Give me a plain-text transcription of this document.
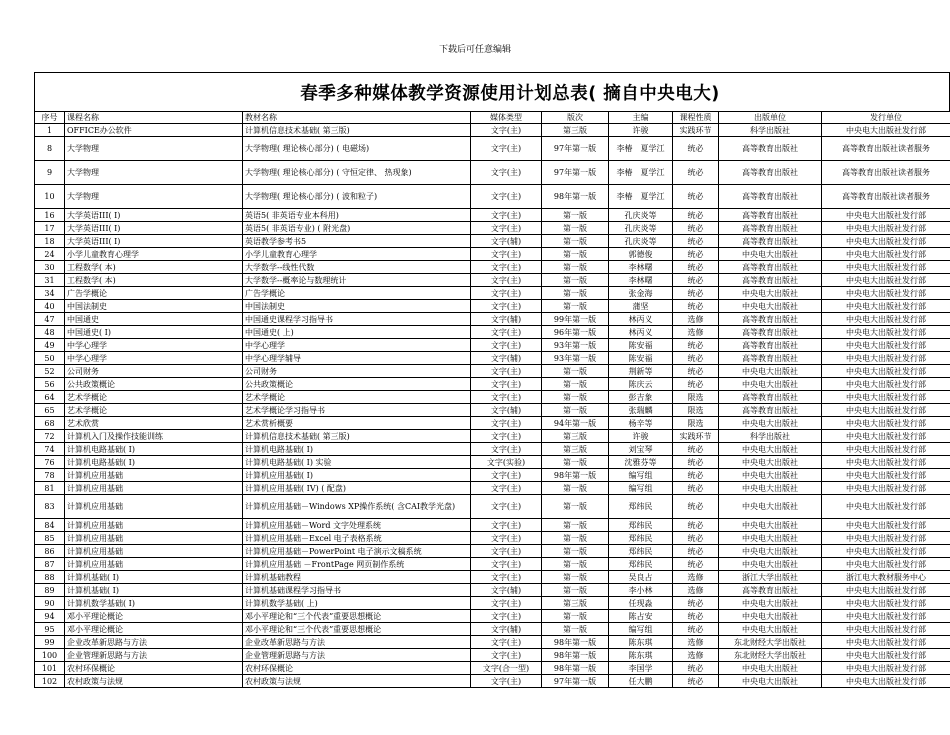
下载后可任意编辑
春季多种媒体教学资源使用计划总表( 摘自中央电大)
序号	课程名称	教材名称	媒体类型	版次	主编	课程性质	出版单位	发行单位
1	OFFICE办公软件	计算机信息技术基础( 第三版)	文字(主)	第三版	许骏	实践环节	科学出版社	中央电大出版社发行部
8	大学物理	大学物理( 理论核心部分) ( 电磁场)	文字(主)	97年第一版	李椿　夏学江	统必	高等教育出版社	高等教育出版社读者服务
9	大学物理	大学物理( 理论核心部分) ( 守恒定律、 热现象)	文字(主)	97年第一版	李椿　夏学江	统必	高等教育出版社	高等教育出版社读者服务
10	大学物理	大学物理( 理论核心部分) ( 波和粒子)	文字(主)	98年第一版	李椿　夏学江	统必	高等教育出版社	高等教育出版社读者服务
16	大学英语III( I)	英语5( 非英语专业本科用)	文字(主)	第一版	孔庆炎等	统必	高等教育出版社	中央电大出版社发行部
17	大学英语III( I)	英语5( 非英语专业) ( 附光盘)	文字(主)	第一版	孔庆炎等	统必	高等教育出版社	中央电大出版社发行部
18	大学英语III( I)	英语教学参考书5	文字(辅)	第一版	孔庆炎等	统必	高等教育出版社	中央电大出版社发行部
24	小学儿童教育心理学	小学儿童教育心理学	文字(主)	第一版	郭德俊	统必	中央电大出版社	中央电大出版社发行部
30	工程数学( 本)	大学数学--线性代数	文字(主)	第一版	李林曙	统必	高等教育出版社	中央电大出版社发行部
31	工程数学( 本)	大学数学--概率论与数理统计	文字(主)	第一版	李林曙	统必	高等教育出版社	中央电大出版社发行部
34	广告学概论	广告学概论	文字(主)	第一版	张金海	统必	中央电大出版社	中央电大出版社发行部
40	中国法制史	中国法制史	文字(主)	第一版	蒲坚	统必	中央电大出版社	中央电大出版社发行部
47	中国通史	中国通史课程学习指导书	文字(辅)	99年第一版	林丙义	选修	高等教育出版社	中央电大出版社发行部
48	中国通史( I)	中国通史( 上)	文字(主)	96年第一版	林丙义	选修	高等教育出版社	中央电大出版社发行部
49	中学心理学	中学心理学	文字(主)	93年第一版	陈安福	统必	高等教育出版社	中央电大出版社发行部
50	中学心理学	中学心理学辅导	文字(辅)	93年第一版	陈安福	统必	高等教育出版社	中央电大出版社发行部
52	公司财务	公司财务	文字(主)	第一版	荆新等	统必	中央电大出版社	中央电大出版社发行部
56	公共政策概论	公共政策概论	文字(主)	第一版	陈庆云	统必	中央电大出版社	中央电大出版社发行部
64	艺术学概论	艺术学概论	文字(主)	第一版	彭吉象	限选	高等教育出版社	中央电大出版社发行部
65	艺术学概论	艺术学概论学习指导书	文字(辅)	第一版	张瑞麟	限选	高等教育出版社	中央电大出版社发行部
68	艺术欣赏	艺术赏析概要	文字(主)	94年第一版	杨辛等	限选	中央电大出版社	中央电大出版社发行部
72	计算机入门及操作技能训练	计算机信息技术基础( 第三版)	文字(主)	第三版	许骏	实践环节	科学出版社	中央电大出版社发行部
74	计算机电路基础( I)	计算机电路基础( I)	文字(主)	第三版	刘宝琴	统必	中央电大出版社	中央电大出版社发行部
76	计算机电路基础( I)	计算机电路基础( I) 实验	文字(实验)	第一版	沈雅芬等	统必	中央电大出版社	中央电大出版社发行部
78	计算机应用基础	计算机应用基础( I)	文字(主)	98年第一版	编写组	统必	中央电大出版社	中央电大出版社发行部
81	计算机应用基础	计算机应用基础( IV) ( 配盘)	文字(主)	第一版	编写组	统必	中央电大出版社	中央电大出版社发行部
83	计算机应用基础	计算机应用基础－Windows XP操作系统( 含CAI教学光盘)	文字(主)	第一版	郑纬民	统必	中央电大出版社	中央电大出版社发行部
84	计算机应用基础	计算机应用基础－Word 文字处理系统	文字(主)	第一版	郑纬民	统必	中央电大出版社	中央电大出版社发行部
85	计算机应用基础	计算机应用基础－Excel 电子表格系统	文字(主)	第一版	郑纬民	统必	中央电大出版社	中央电大出版社发行部
86	计算机应用基础	计算机应用基础－PowerPoint 电子演示文稿系统	文字(主)	第一版	郑纬民	统必	中央电大出版社	中央电大出版社发行部
87	计算机应用基础	计算机应用基础 －FrontPage 网页制作系统	文字(主)	第一版	郑纬民	统必	中央电大出版社	中央电大出版社发行部
88	计算机基础( I)	计算机基础教程	文字(主)	第一版	吴良占	选修	浙江大学出版社	浙江电大教材服务中心
89	计算机基础( I)	计算机基础课程学习指导书	文字(辅)	第一版	李小林	选修	高等教育出版社	中央电大出版社发行部
90	计算机数学基础( I)	计算机数学基础( 上)	文字(主)	第三版	任现淼	统必	中央电大出版社	中央电大出版社发行部
94	邓小平理论概论	邓小平理论和“三个代表”重要思想概论	文字(主)	第一版	陈占安	统必	中央电大出版社	中央电大出版社发行部
95	邓小平理论概论	邓小平理论和“三个代表”重要思想概论	文字(辅)	第一版	编写组	统必	中央电大出版社	中央电大出版社发行部
99	企业改革新思路与方法	企业改革新思路与方法	文字(主)	98年第一版	陈东琪	选修	东北财经大学出版社	中央电大出版社发行部
100	企业管理新思路与方法	企业管理新思路与方法	文字(主)	98年第一版	陈东琪	选修	东北财经大学出版社	中央电大出版社发行部
101	农村环保概论	农村环保概论	文字(合一型)	98年第一版	李国学	统必	中央电大出版社	中央电大出版社发行部
102	农村政策与法规	农村政策与法规	文字(主)	97年第一版	任大鹏	统必	中央电大出版社	中央电大出版社发行部
